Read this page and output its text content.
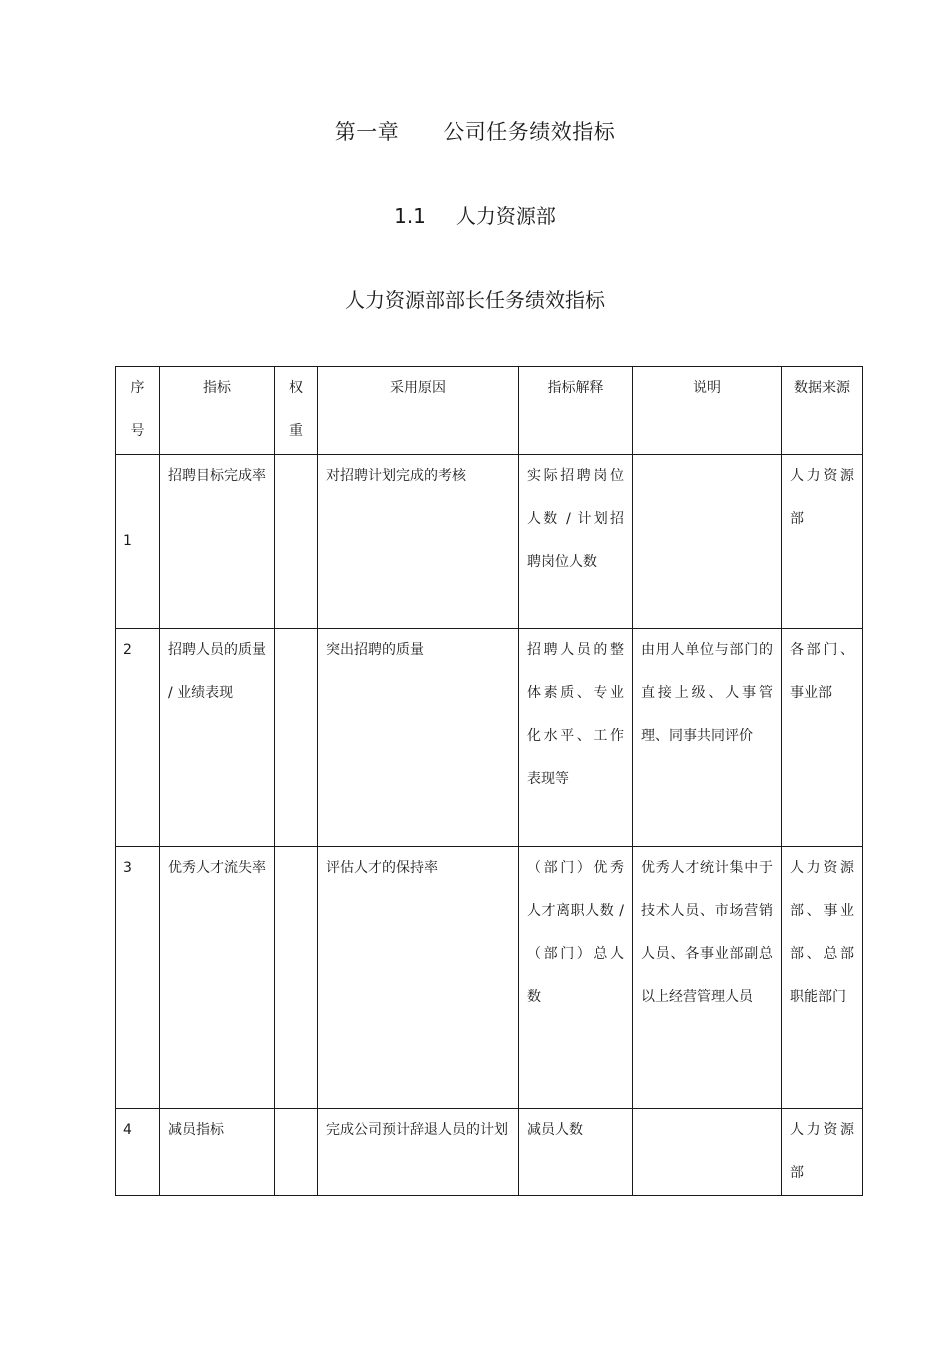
第一章 公司任务绩效指标
1.1 人力资源部
人力资源部部长任务绩效指标
序号	指标	权重	采用原因	指标解释	说明	数据来源
1	招聘目标完成率		对招聘计划完成的考核	实际招聘岗位人数 / 计划招聘岗位人数		人力资源部
2	招聘人员的质量 / 业绩表现		突出招聘的质量	招聘人员的整体素质、专业化水平、工作表现等	由用人单位与部门的直接上级、人事管理、同事共同评价	各部门、事业部
3	优秀人才流失率		评估人才的保持率	（部门）优秀人才离职人数 /（部门）总人数	优秀人才统计集中于技术人员、市场营销人员、各事业部副总以上经营管理人员	人力资源部、事业部、总部职能部门
4	减员指标		完成公司预计辞退人员的计划	减员人数		人力资源部
